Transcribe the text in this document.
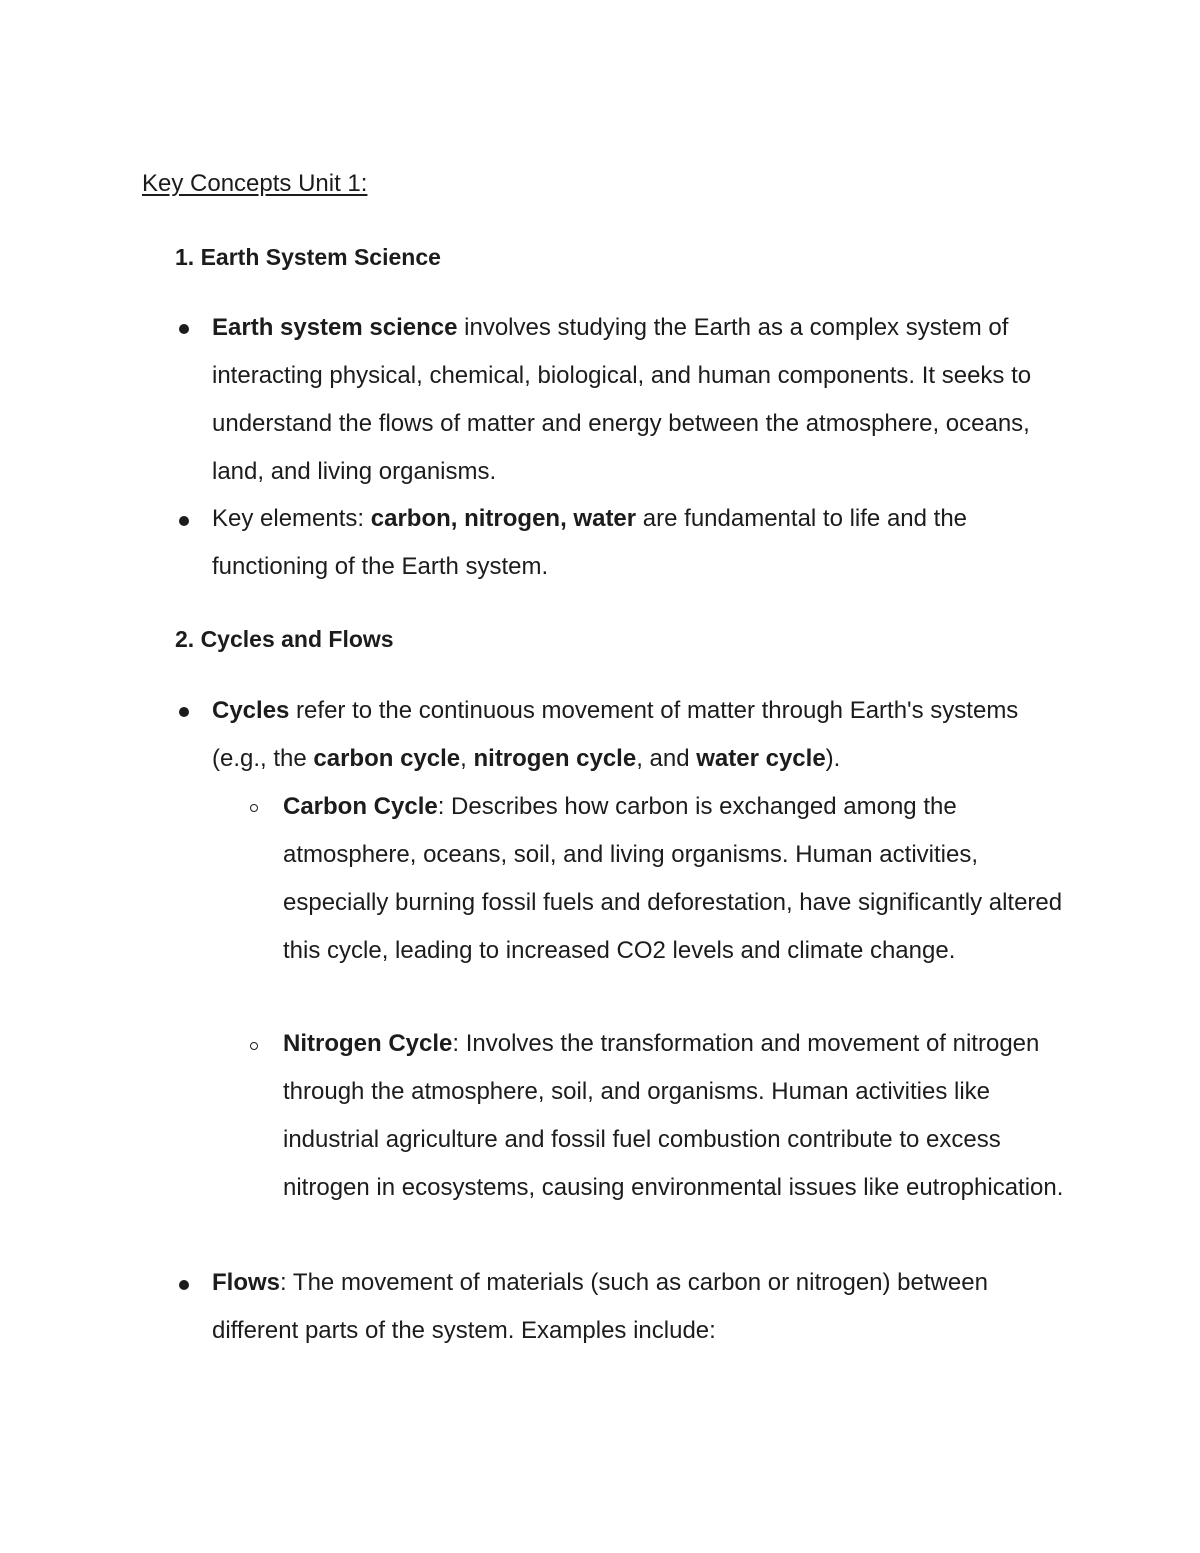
Key Concepts Unit 1:
1. Earth System Science

Earth system science involves studying the Earth as a complex system of interacting physical, chemical, biological, and human components. It seeks to understand the flows of matter and energy between the atmosphere, oceans, land, and living organisms.

Key elements: carbon, nitrogen, water are fundamental to life and the functioning of the Earth system.

2. Cycles and Flows

Cycles refer to the continuous movement of matter through Earth's systems (e.g., the carbon cycle, nitrogen cycle, and water cycle).

Carbon Cycle: Describes how carbon is exchanged among the atmosphere, oceans, soil, and living organisms. Human activities, especially burning fossil fuels and deforestation, have significantly altered this cycle, leading to increased CO2 levels and climate change.

Nitrogen Cycle: Involves the transformation and movement of nitrogen through the atmosphere, soil, and organisms. Human activities like industrial agriculture and fossil fuel combustion contribute to excess nitrogen in ecosystems, causing environmental issues like eutrophication.

Flows: The movement of materials (such as carbon or nitrogen) between different parts of the system. Examples include:
